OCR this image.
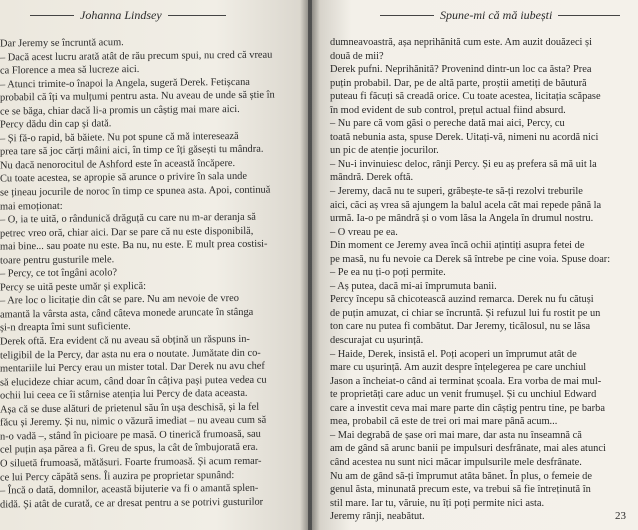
Johanna Lindsey
Dar Jeremy se încruntă acum.
– Dacă acest lucru arată atât de rău precum spui, nu cred că vreau
ca Florence a mea să lucreze aici.
– Atunci trimite-o înapoi la Angela, sugeră Derek. Fetișcana
probabil că îți va mulțumi pentru asta. Nu aveau de unde să știe în
ce se băga, chiar dacă li-a promis un câștig mai mare aici.
Percy dădu din cap și dată.
– Și fă-o rapid, bă băiete. Nu pot spune că mă interesează
prea tare să joc cărți mâini aici, în timp ce îți găsești tu mândra.
Nu dacă nenorocitul de Ashford este în această încăpere.
Cu toate acestea, se apropie să arunce o privire în sala unde
se țineau jocurile de noroc în timp ce spunea asta. Apoi, continuă
mai emoționat:
– O, ia te uită, o rândunică drăguță cu care nu m-ar deranja să
petrec vreo oră, chiar aici. Dar se pare că nu este disponibilă,
mai bine... sau poate nu este. Ba nu, nu este. E mult prea costisi-
toare pentru gusturile mele.
– Percy, ce tot îngâni acolo?
Percy se uită peste umăr și explică:
– Are loc o licitație din cât se pare. Nu am nevoie de vreo
amantă la vârsta asta, când câteva monede aruncate în stânga
și-n dreapta îmi sunt suficiente.
Derek oftă. Era evident că nu aveau să obțină un răspuns in-
teligibil de la Percy, dar asta nu era o noutate. Jumătate din co-
mentariile lui Percy erau un mister total. Dar Derek nu avu chef
să elucideze chiar acum, când doar în câțiva pași putea vedea cu
ochii lui ceea ce îi stârnise atenția lui Percy de data aceasta.
Așa că se duse alături de prietenul său în ușa deschisă, și la fel
făcu și Jeremy. Și nu, nimic o văzură imediat – nu aveau cum să
n-o vadă –, stând în picioare pe masă. O tinerică frumoasă, sau
cel puțin așa părea a fi. Greu de spus, la cât de îmbujorată era.
O siluetă frumoasă, mătăsuri. Foarte frumoasă. Și acum remar-
ce lui Percy căpătă sens. Îi auzira pe proprietar spunând:
– Încă o dată, domnilor, această bijuterie va fi o amantă splen-
didă. Și atât de curată, ce ar dresat pentru a se potrivi gusturilor
Spune-mi că mă iubești
dumneavoastră, așa neprihănită cum este. Am auzit douăzeci și
două de mii?
Derek pufni. Neprihănită? Provenind dintr-un loc ca ăsta? Prea
puțin probabil. Dar, pe de altă parte, proștii ametiți de băutură
puteau fi făcuți să creadă orice. Cu toate acestea, licitația scăpase
în mod evident de sub control, prețul actual fiind absurd.
– Nu pare că vom găsi o pereche dată mai aici, Percy, cu
toată nebunia asta, spuse Derek. Uitați-vă, nimeni nu acordă nici
un pic de atenție jocurilor.
– Nu-i invinuiesc deloc, rânji Percy. Și eu aș prefera să mă uit la
mândră. Derek oftă.
– Jeremy, dacă nu te superi, grăbește-te să-ți rezolvi treburile
aici, căci aș vrea să ajungem la balul acela căt mai repede până la
urmă. Ia-o pe mândră și o vom lăsa la Angela în drumul nostru.
– O vreau pe ea.
Din moment ce Jeremy avea încă ochii ațintiți asupra fetei de
pe masă, nu fu nevoie ca Derek să întrebe pe cine voia. Spuse doar:
– Pe ea nu ți-o poți permite.
– Aș putea, dacă mi-ai împrumuta banii.
Percy începu să chicotească auzind remarca. Derek nu fu cătuși
de puțin amuzat, ci chiar se încruntă. Și refuzul lui fu rostit pe un
ton care nu putea fi combătut. Dar Jeremy, ticălosul, nu se lăsa
descurajat cu ușurință.
– Haide, Derek, insistă el. Poți acoperi un împrumut atât de
mare cu ușurință. Am auzit despre înțelegerea pe care unchiul
Jason a încheiat-o când ai terminat școala. Era vorba de mai mul-
te proprietăți care aduc un venit frumușel. Și cu unchiul Edward
care a investit ceva mai mare parte din câștig pentru tine, pe barba
mea, probabil că este de trei ori mai mare până acum...
– Mai degrabă de șase ori mai mare, dar asta nu înseamnă că
am de gând să arunc banii pe impulsuri desfrânate, mai ales atunci
când acestea nu sunt nici măcar impulsurile mele desfrânate.
Nu am de gând să-ți împrumut atâta bănet. În plus, o femeie de
genul ăsta, minunată precum este, va trebui să fie întreținută în
stil mare. Iar tu, văruie, nu îți poți permite nici asta.
Jeremy rânji, neabătut.	23
